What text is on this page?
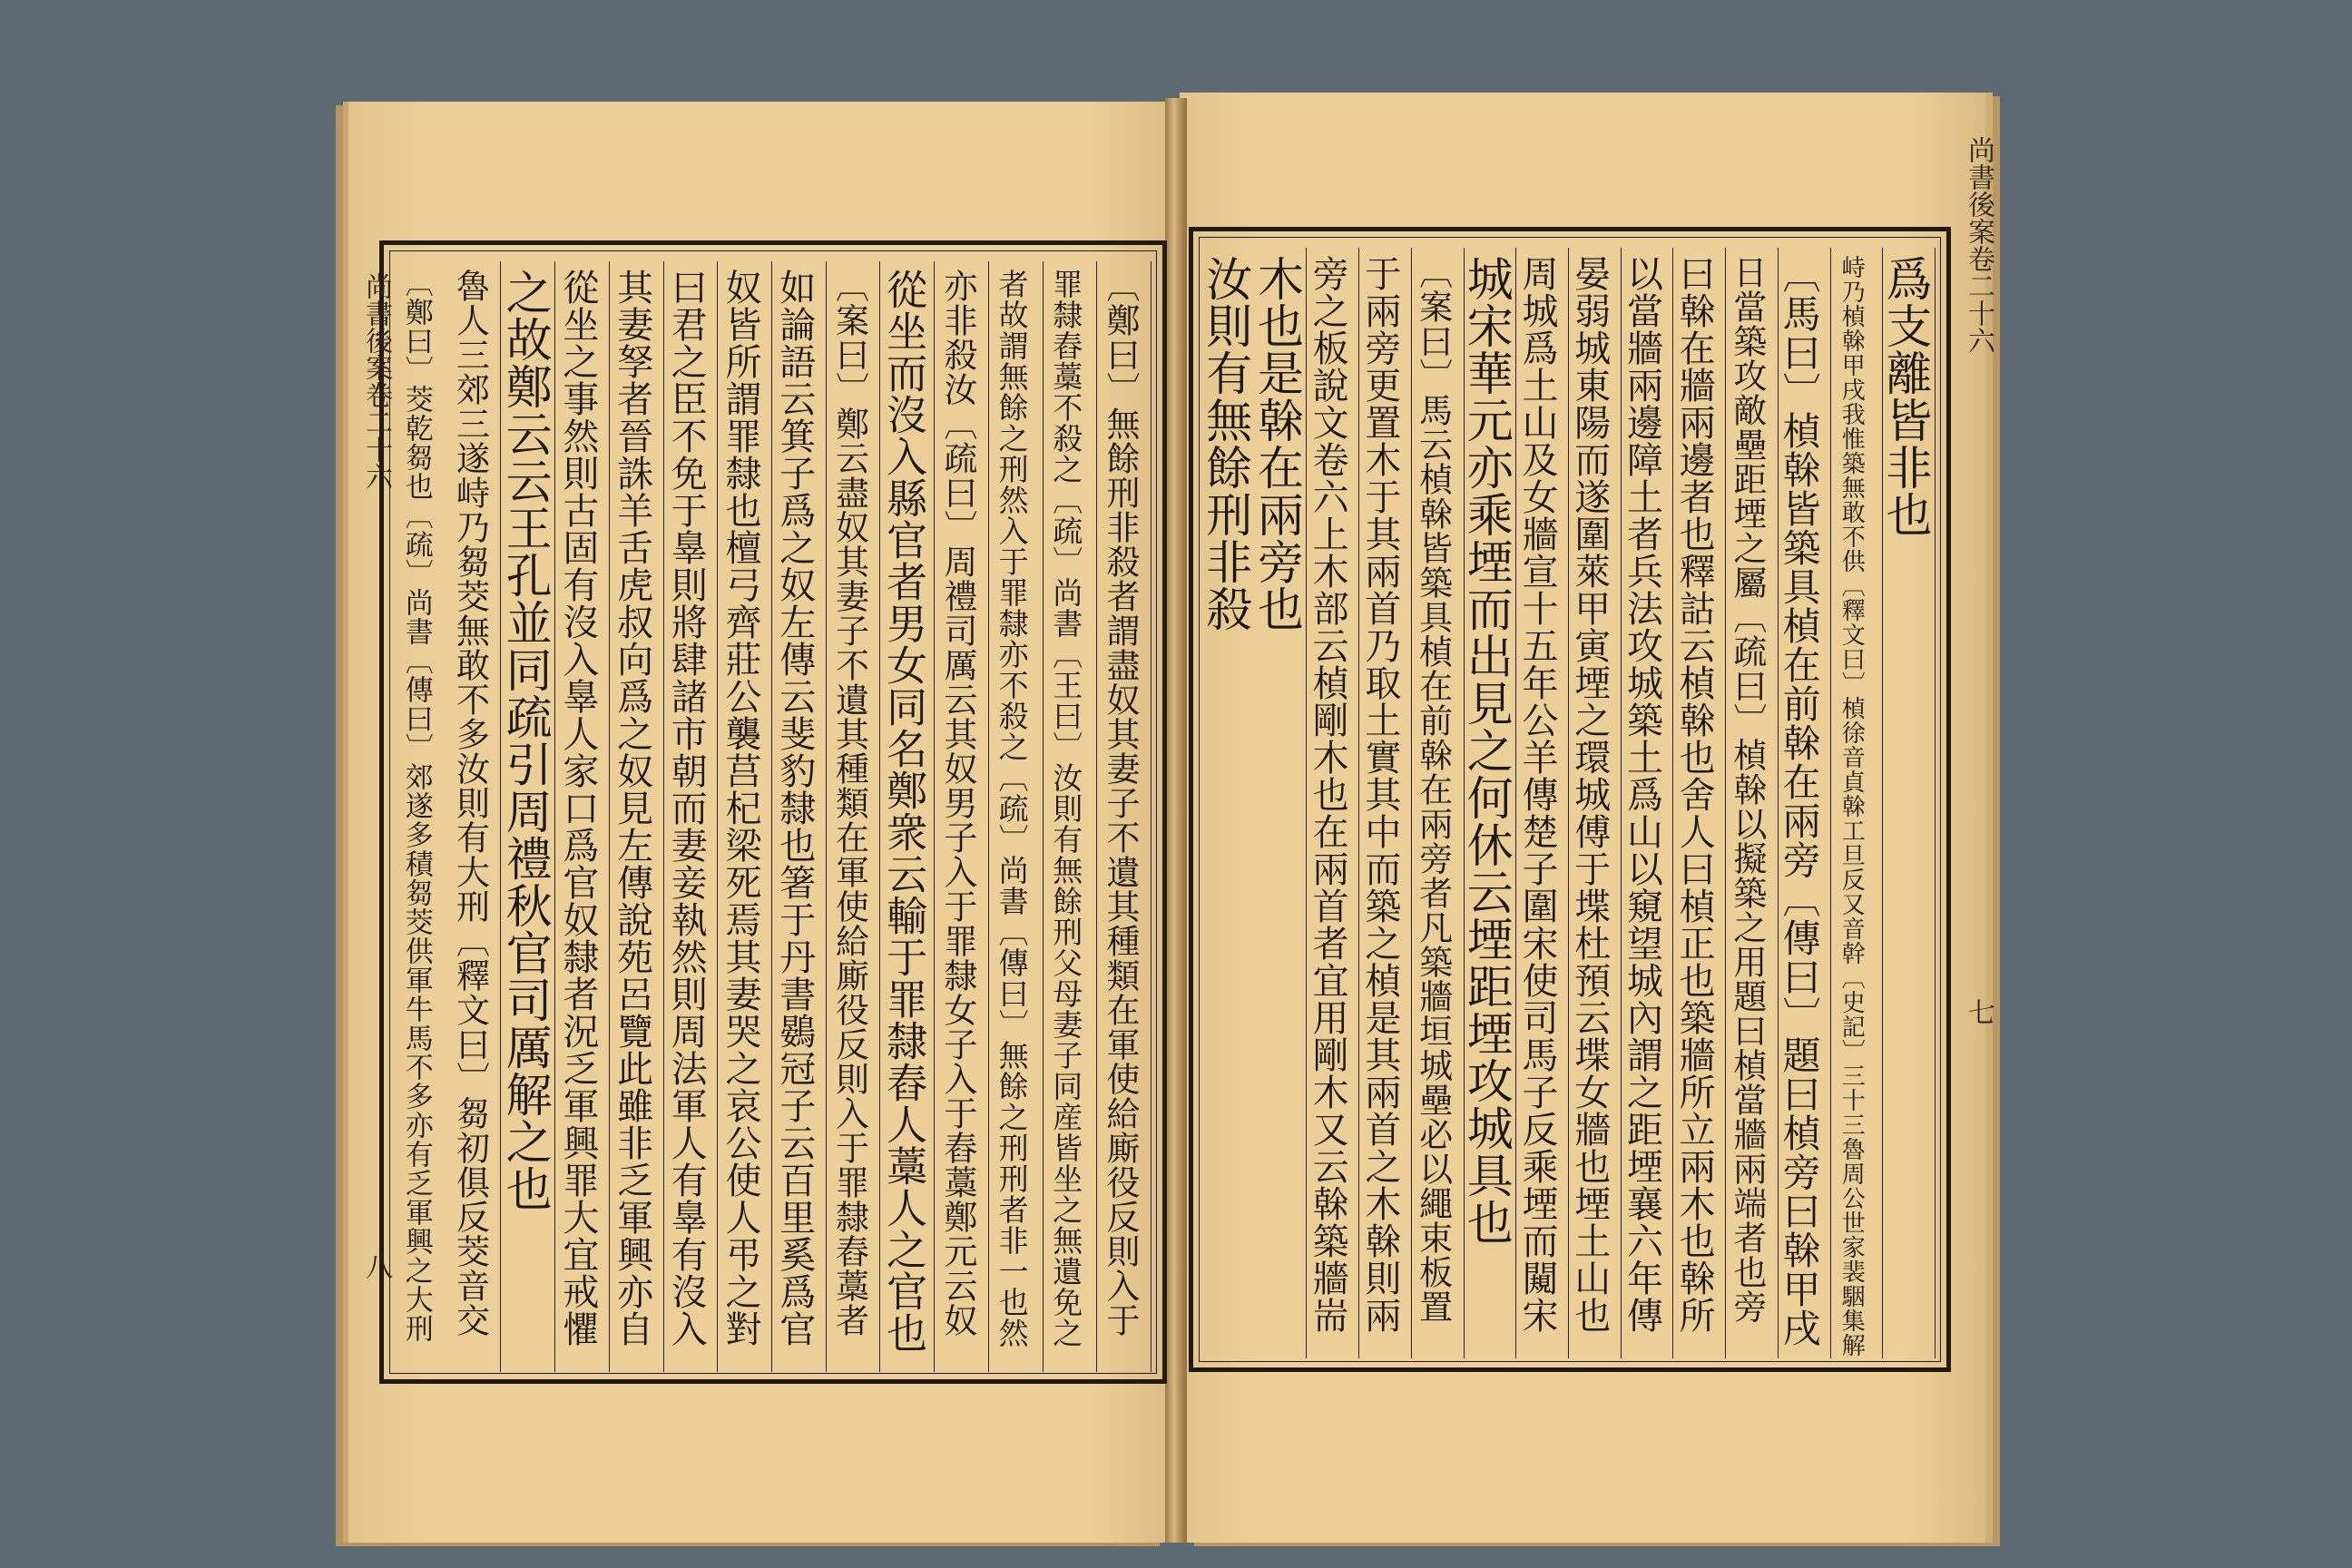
〔鄭曰〕無餘刑非殺者謂盡奴其妻子不遺其種類在軍使給廝役反則入于
罪隸舂藁不殺之〔疏〕尚書〔王曰〕汝則有無餘刑父母妻子同産皆坐之無遺免之
者故謂無餘之刑然入于罪隸亦不殺之〔疏〕尚書〔傳曰〕無餘之刑刑者非一也然
亦非殺汝〔疏曰〕周禮司厲云其奴男子入于罪隸女子入于舂藁鄭元云奴
從坐而沒入縣官者男女同名鄭衆云輸于罪隸舂人藁人之官也
〔案曰〕鄭云盡奴其妻子不遺其種類在軍使給廝役反則入于罪隸舂藁者
如論語云箕子爲之奴左傳云斐豹隸也箸于丹書鷃冠子云百里奚爲官
奴皆所謂罪隸也檀弓齊莊公襲莒杞梁死焉其妻哭之哀公使人弔之對
曰君之臣不免于辠則將肆諸市朝而妻妾執然則周法軍人有辠有沒入
其妻孥者晉誅羊舌虎叔向爲之奴見左傳說苑呂覽此雖非乏軍興亦自
從坐之事然則古固有沒入辠人家口爲官奴隸者況乏軍興罪大宜戒懼
之故鄭云云王孔並同疏引周禮秋官司厲解之也
魯人三郊三遂峙乃芻茭無敢不多汝則有大刑〔釋文曰〕芻初俱反茭音交
〔鄭曰〕茭乾芻也〔疏〕尚書〔傳曰〕郊遂多積芻茭供軍牛馬不多亦有乏軍興之大刑	爲支離皆非也
峙乃楨榦甲戌我惟築無敢不供〔釋文曰〕楨徐音貞榦工旦反又音幹〔史記〕三十三魯周公世家裴駰集解
〔馬曰〕楨榦皆築具楨在前榦在兩旁〔傳曰〕題曰楨旁曰榦甲戌
日當築攻敵壘距堙之屬〔疏曰〕楨榦以擬築之用題曰楨當牆兩端者也旁
曰榦在牆兩邊者也釋詁云楨榦也舍人曰楨正也築牆所立兩木也榦所
以當牆兩邊障土者兵法攻城築土爲山以窺望城內謂之距堙襄六年傳
晏弱城東陽而遂圍萊甲寅堙之環城傅于堞杜預云堞女牆也堙土山也
周城爲土山及女牆宣十五年公羊傳楚子圍宋使司馬子反乘堙而闚宋
城宋華元亦乘堙而出見之何休云堙距堙攻城具也
〔案曰〕馬云楨榦皆築具楨在前榦在兩旁者凡築牆垣城壘必以繩束板置
于兩旁更置木于其兩首乃取土實其中而築之楨是其兩首之木榦則兩
旁之板說文卷六上木部云楨剛木也在兩首者宜用剛木又云榦築牆耑
木也是榦在兩旁也
汝則有無餘刑非殺
尚書後案卷二十六
八
尚書後案卷二十六
七
